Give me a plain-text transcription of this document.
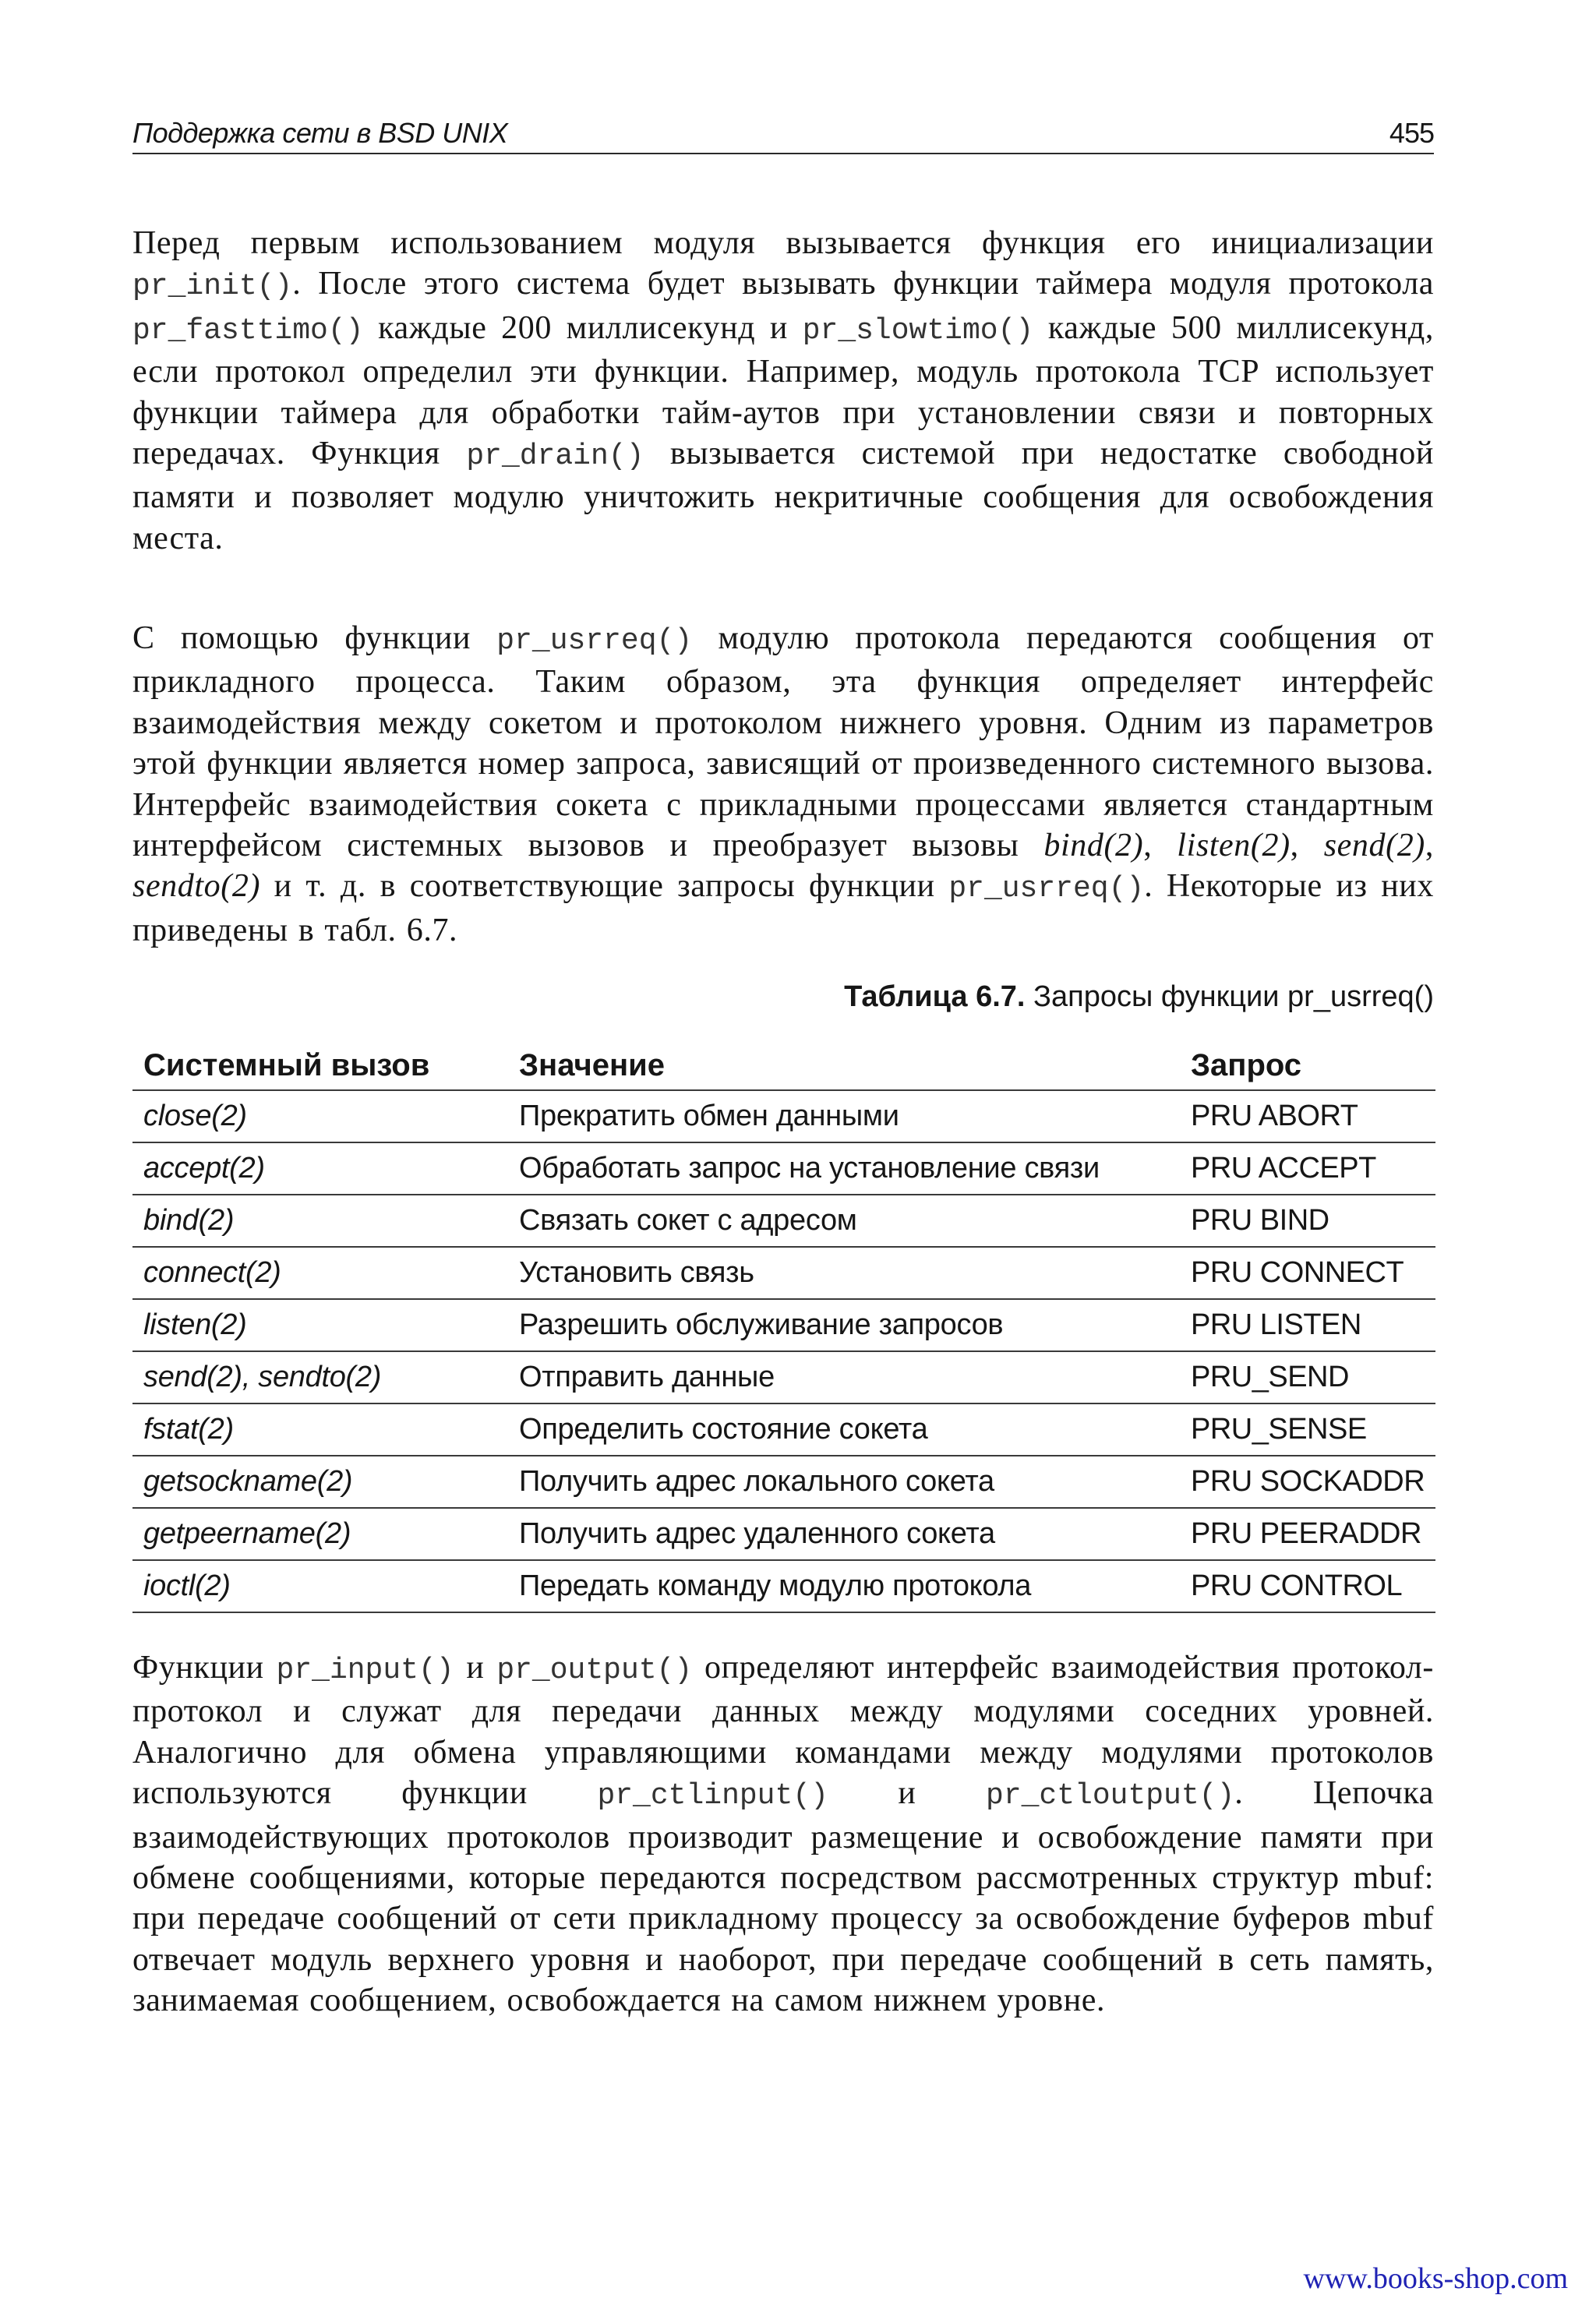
Поддержка сети в BSD UNIX	455
Перед первым использованием модуля вызывается функция его инициализации pr_init(). После этого система будет вызывать функции таймера модуля протокола pr_fasttimo() каждые 200 миллисекунд и pr_slowtimo() каждые 500 миллисекунд, если протокол определил эти функции. Например, модуль протокола TCP использует функции таймера для обработки тайм-аутов при установлении связи и повторных передачах. Функция pr_drain() вызывается системой при недостатке свободной памяти и позволяет модулю уничтожить некритичные сообщения для освобождения места.
С помощью функции pr_usrreq() модулю протокола передаются сообщения от прикладного процесса. Таким образом, эта функция определяет интерфейс взаимодействия между сокетом и протоколом нижнего уровня. Одним из параметров этой функции является номер запроса, зависящий от произведенного системного вызова. Интерфейс взаимодействия сокета с прикладными процессами является стандартным интерфейсом системных вызовов и преобразует вызовы bind(2), listen(2), send(2), sendto(2) и т. д. в соответствующие запросы функции pr_usrreq(). Некоторые из них приведены в табл. 6.7.
Таблица 6.7. Запросы функции pr_usrreq()
Системный вызов	Значение	Запрос
close(2)	Прекратить обмен данными	PRU ABORT
accept(2)	Обработать запрос на установление связи	PRU ACCEPT
bind(2)	Связать сокет с адресом	PRU BIND
connect(2)	Установить связь	PRU CONNECT
listen(2)	Разрешить обслуживание запросов	PRU LISTEN
send(2), sendto(2)	Отправить данные	PRU_SEND
fstat(2)	Определить состояние сокета	PRU_SENSE
getsockname(2)	Получить адрес локального сокета	PRU SOCKADDR
getpeername(2)	Получить адрес удаленного сокета	PRU PEERADDR
ioctl(2)	Передать команду модулю протокола	PRU CONTROL
Функции pr_input() и pr_output() определяют интерфейс взаимодействия протокол-протокол и служат для передачи данных между модулями соседних уровней. Аналогично для обмена управляющими командами между модулями протоколов используются функции pr_ctlinput() и pr_ctloutput(). Цепочка взаимодействующих протоколов производит размещение и освобождение памяти при обмене сообщениями, которые передаются посредством рассмотренных структур mbuf: при передаче сообщений от сети прикладному процессу за освобождение буферов mbuf отвечает модуль верхнего уровня и наоборот, при передаче сообщений в сеть память, занимаемая сообщением, освобождается на самом нижнем уровне.
www.books-shop.com
